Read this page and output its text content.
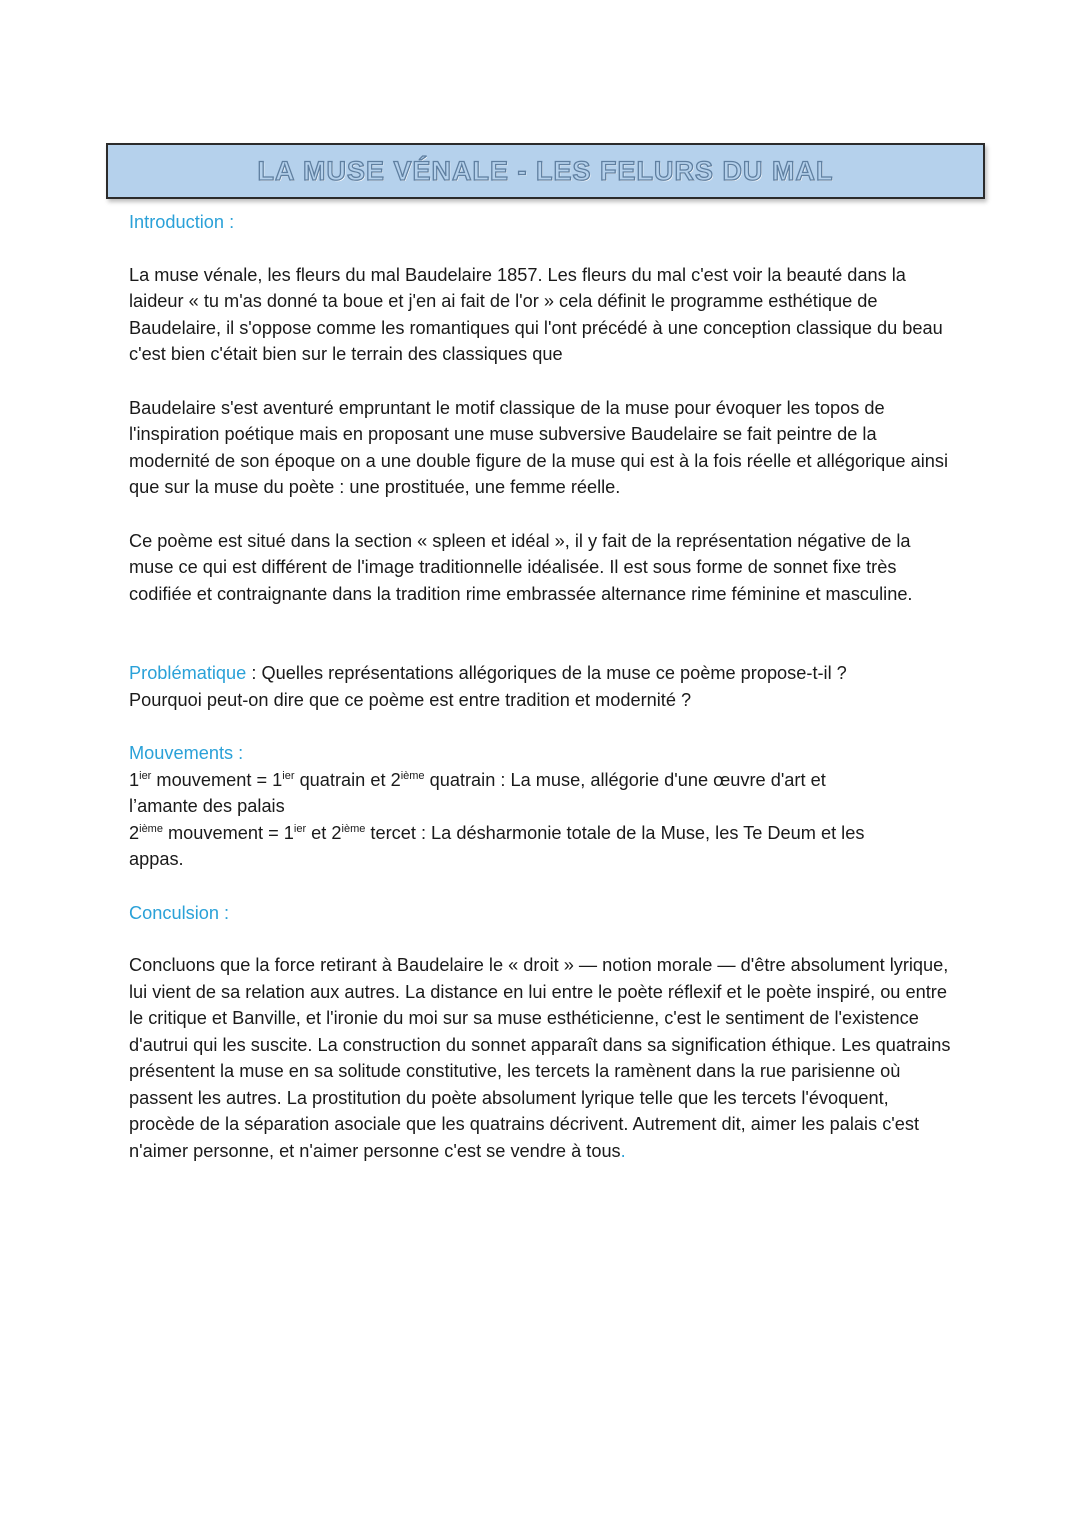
LA MUSE VÉNALE - LES FELURS DU MAL

Introduction :

La muse vénale, les fleurs du mal Baudelaire 1857. Les fleurs du mal c'est voir la beauté dans la laideur « tu m'as donné ta boue et j'en ai fait de l'or » cela définit le programme esthétique de Baudelaire, il s'oppose comme les romantiques qui l'ont précédé à une conception classique du beau c'est bien c'était bien sur le terrain des classiques que

Baudelaire s'est aventuré empruntant le motif classique de la muse pour évoquer les topos de l'inspiration poétique mais en proposant une muse subversive Baudelaire se fait peintre de la modernité de son époque on a une double figure de la muse qui est à la fois réelle et allégorique ainsi que sur la muse du poète : une prostituée, une femme réelle.

Ce poème est situé dans la section « spleen et idéal », il y fait de la représentation négative de la muse ce qui est différent de l'image traditionnelle idéalisée. Il est sous forme de sonnet fixe très codifiée et contraignante dans la tradition rime embrassée alternance rime féminine et masculine.

Problématique : Quelles représentations allégoriques de la muse ce poème propose-t-il ?
Pourquoi peut-on dire que ce poème est entre tradition et modernité ?

Mouvements :

$1^{ier}$ mouvement = $1^{ier}$ quatrain et 2ième quatrain : La muse, allégorie d'une œuvre d'art et
l’amante des palais

2ième mouvement = $1^{ier}$ et 2ième tercet : La désharmonie totale de la Muse, les Te Deum et les
appas.

Conculsion :

Concluons que la force retirant à Baudelaire le « droit » — notion morale — d'être absolument lyrique, lui vient de sa relation aux autres. La distance en lui entre le poète réflexif et le poète inspiré, ou entre le critique et Banville, et l'ironie du moi sur sa muse esthéticienne, c'est le sentiment de l'existence d'autrui qui les suscite. La construction du sonnet apparaît dans sa signification éthique. Les quatrains présentent la muse en sa solitude constitutive, les tercets la ramènent dans la rue parisienne où passent les autres. La prostitution du poète absolument lyrique telle que les tercets l'évoquent, procède de la séparation asociale que les quatrains décrivent. Autrement dit, aimer les palais c'est n'aimer personne, et n'aimer personne c'est se vendre à tous.
